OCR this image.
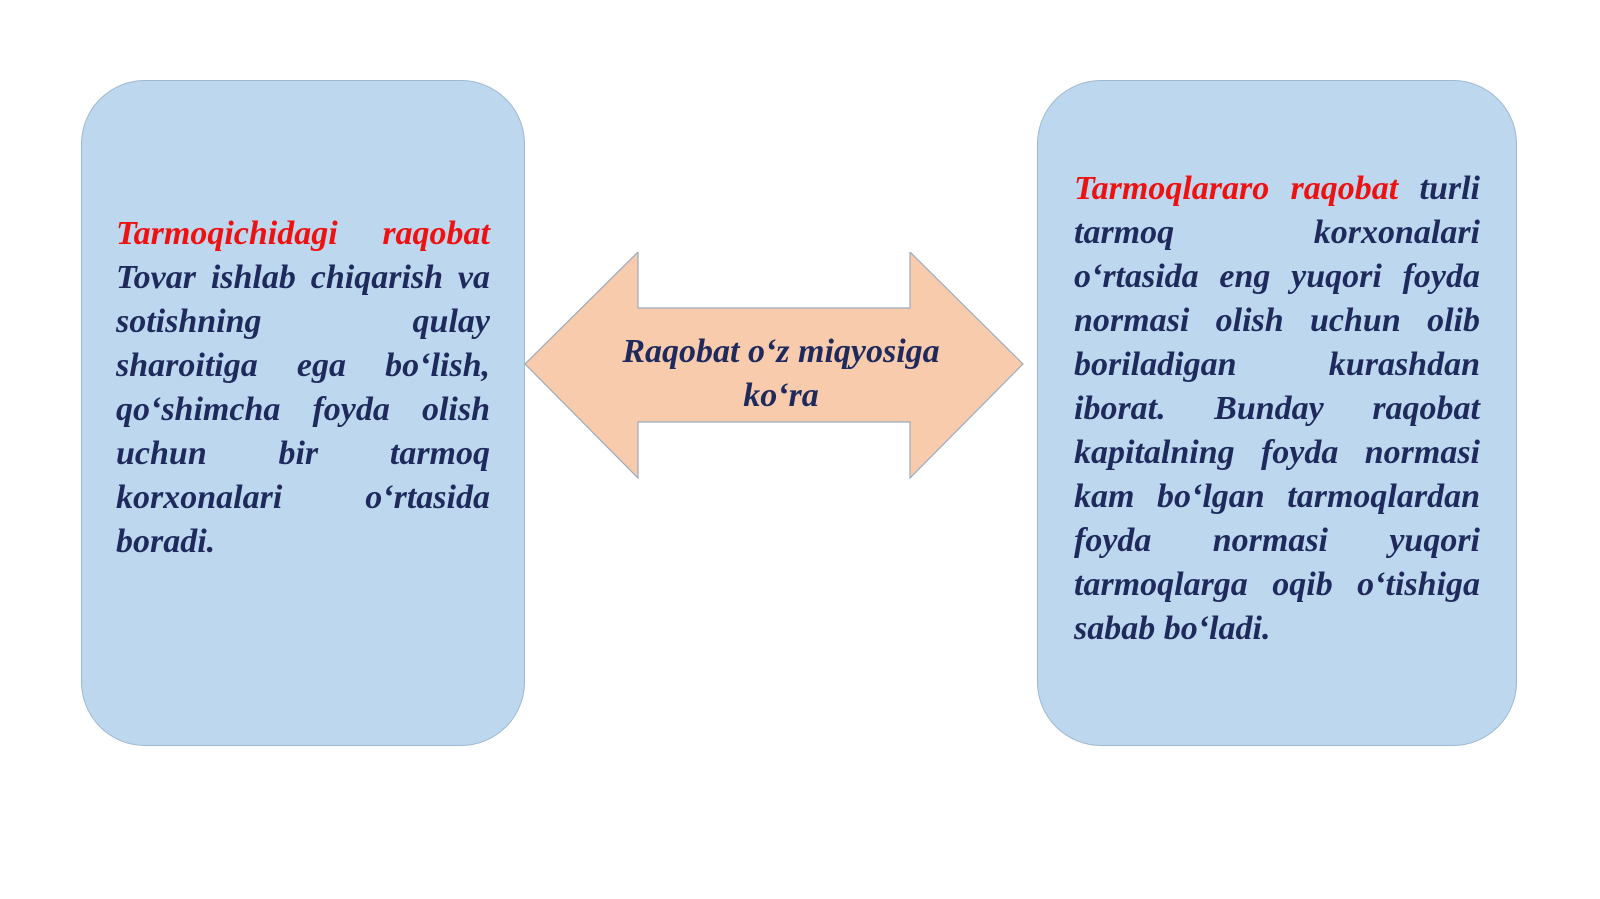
Tarmoqichidagi raqobat Tovar ishlab chiqarish va sotishning qulay sharoitiga ega bo‘lish, qo‘shimcha foyda olish uchun bir tarmoq korxonalari o‘rtasida boradi.
Raqobat o‘z miqyosiga ko‘ra
Tarmoqlararo raqobat turli tarmoq korxonalari o‘rtasida eng yuqori foyda normasi olish uchun olib boriladigan kurashdan iborat. Bunday raqobat kapitalning foyda normasi kam bo‘lgan tarmoqlardan foyda normasi yuqori tarmoqlarga oqib o‘tishiga sabab bo‘ladi.
